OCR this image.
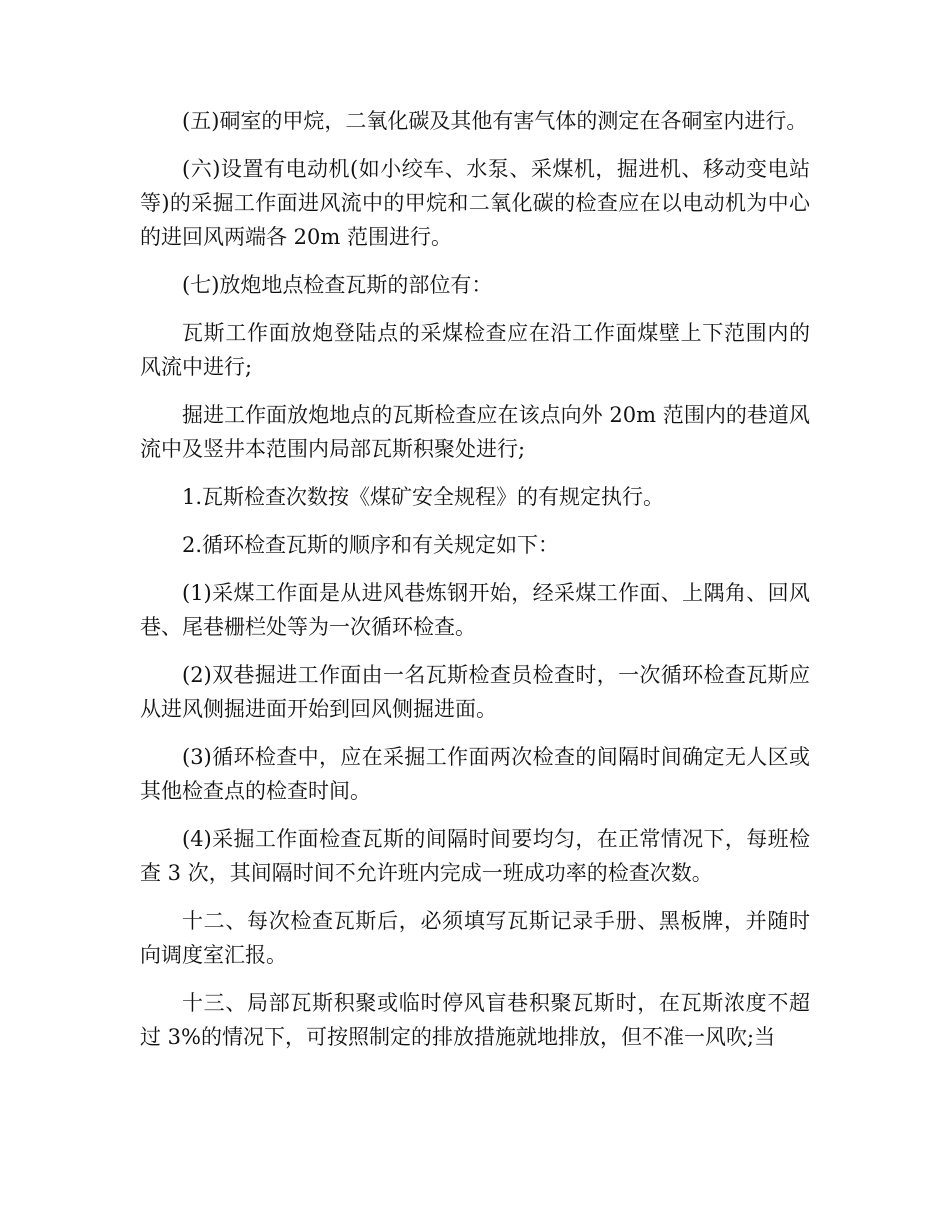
(五)硐室的甲烷，二氧化碳及其他有害气体的测定在各硐室内进行。

(六)设置有电动机(如小绞车、水泵、采煤机，掘进机、移动变电站等)的采掘工作面进风流中的甲烷和二氧化碳的检查应在以电动机为中心的进回风两端各 20m 范围进行。

(七)放炮地点检查瓦斯的部位有：

瓦斯工作面放炮登陆点的采煤检查应在沿工作面煤壁上下范围内的风流中进行;

掘进工作面放炮地点的瓦斯检查应在该点向外 20m 范围内的巷道风流中及竖井本范围内局部瓦斯积聚处进行;

1.瓦斯检查次数按《煤矿安全规程》的有规定执行。

2.循环检查瓦斯的顺序和有关规定如下：

(1)采煤工作面是从进风巷炼钢开始，经采煤工作面、上隅角、回风巷、尾巷栅栏处等为一次循环检查。

(2)双巷掘进工作面由一名瓦斯检查员检查时，一次循环检查瓦斯应从进风侧掘进面开始到回风侧掘进面。

(3)循环检查中，应在采掘工作面两次检查的间隔时间确定无人区或其他检查点的检查时间。

(4)采掘工作面检查瓦斯的间隔时间要均匀，在正常情况下，每班检查 3 次，其间隔时间不允许班内完成一班成功率的检查次数。

十二、每次检查瓦斯后，必须填写瓦斯记录手册、黑板牌，并随时向调度室汇报。

十三、局部瓦斯积聚或临时停风盲巷积聚瓦斯时，在瓦斯浓度不超过 3%的情况下，可按照制定的排放措施就地排放，但不准一风吹;当
